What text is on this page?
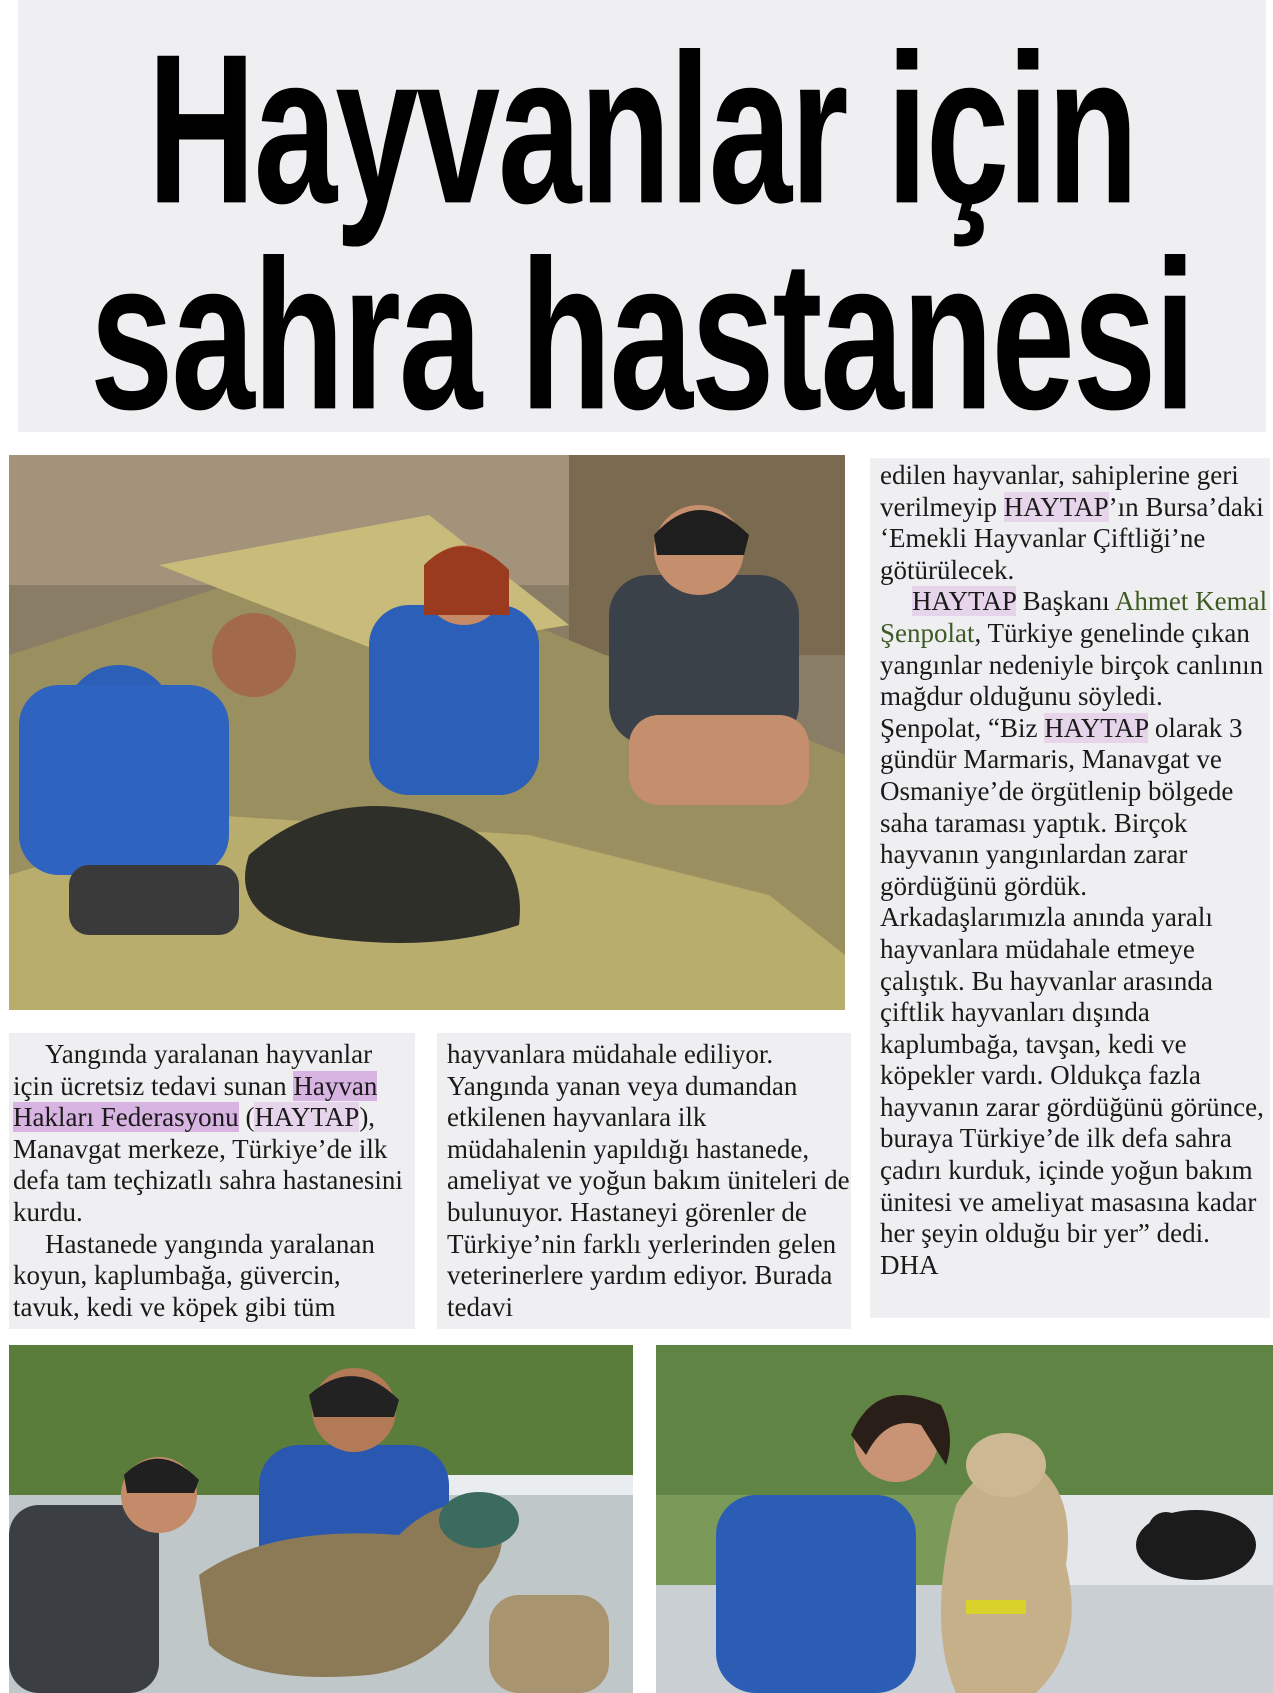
Hayvanlar için
sahra hastanesi

Yangında yaralanan hayvanlar için ücretsiz tedavi sunan Hayvan Hakları Federasyonu (HAYTAP), Manavgat merkeze, Türkiye’de ilk defa tam teçhizatlı sahra hastanesini kurdu.

Hastanede yangında yaralanan koyun, kaplumbağa, güvercin, tavuk, kedi ve köpek gibi tüm

hayvanlara müdahale ediliyor. Yangında yanan veya dumandan etkilenen hayvanlara ilk müdahalenin yapıldığı hastanede, ameliyat ve yoğun bakım üniteleri de bulunuyor. Hastaneyi görenler de Türkiye’nin farklı yerlerinden gelen veterinerlere yardım ediyor. Burada tedavi

edilen hayvanlar, sahiplerine geri verilmeyip HAYTAP’ın Bursa’daki ‘Emekli Hayvanlar Çiftliği’ne götürülecek.

HAYTAP Başkanı Ahmet Kemal Şenpolat, Türkiye genelinde çıkan yangınlar nedeniyle birçok canlının mağdur olduğunu söyledi. Şenpolat, “Biz HAYTAP olarak 3 gündür Marmaris, Manavgat ve Osmaniye’de örgütlenip bölgede saha taraması yaptık. Birçok hayvanın yangınlardan zarar gördüğünü gördük. Arkadaşlarımızla anında yaralı hayvanlara müdahale etmeye çalıştık. Bu hayvanlar arasında çiftlik hayvanları dışında kaplumbağa, tavşan, kedi ve köpekler vardı. Oldukça fazla hayvanın zarar gördüğünü görünce, buraya Türkiye’de ilk defa sahra çadırı kurduk, içinde yoğun bakım ünitesi ve ameliyat masasına kadar her şeyin olduğu bir yer” dedi. DHA
